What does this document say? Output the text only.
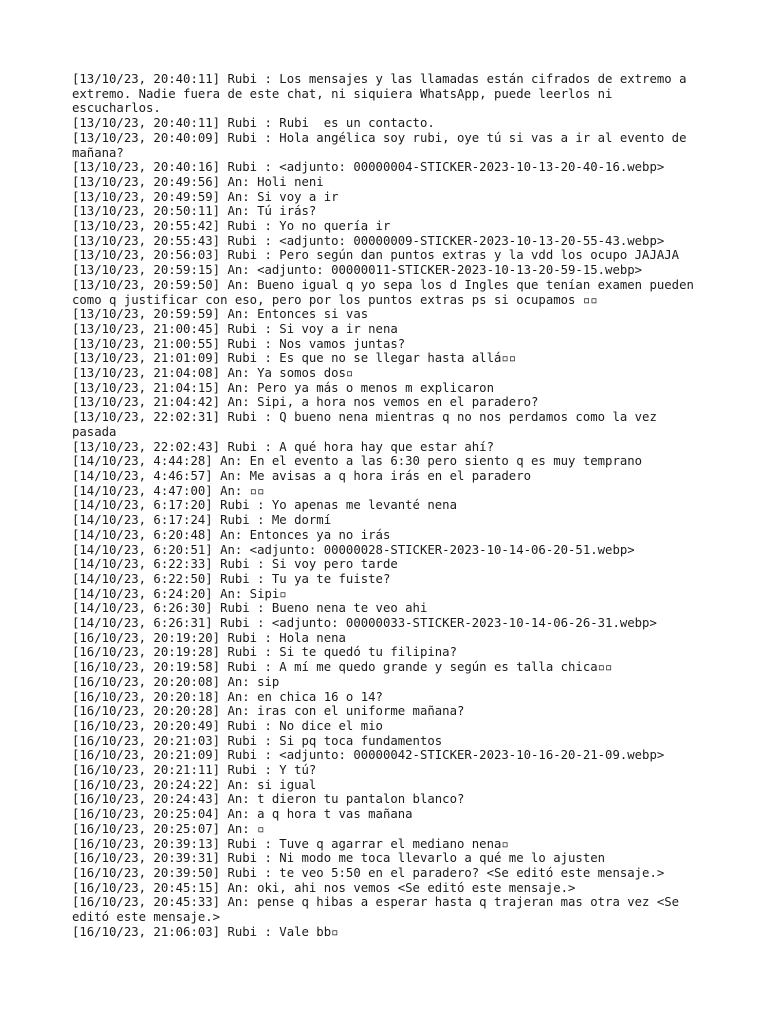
[13/10/23, 20:40:11] Rubi : Los mensajes y las llamadas están cifrados de extremo a extremo. Nadie fuera de este chat, ni siquiera WhatsApp, puede leerlos ni escucharlos.

[13/10/23, 20:40:11] Rubi : Rubi  es un contacto.

[13/10/23, 20:40:09] Rubi : Hola angélica soy rubi, oye tú si vas a ir al evento de mañana?

[13/10/23, 20:40:16] Rubi : <adjunto: 00000004-STICKER-2023-10-13-20-40-16.webp>

[13/10/23, 20:49:56] An: Holi neni

[13/10/23, 20:49:59] An: Si voy a ir

[13/10/23, 20:50:11] An: Tú irás?

[13/10/23, 20:55:42] Rubi : Yo no quería ir

[13/10/23, 20:55:43] Rubi : <adjunto: 00000009-STICKER-2023-10-13-20-55-43.webp>

[13/10/23, 20:56:03] Rubi : Pero según dan puntos extras y la vdd los ocupo JAJAJA

[13/10/23, 20:59:15] An: <adjunto: 00000011-STICKER-2023-10-13-20-59-15.webp>

[13/10/23, 20:59:50] An: Bueno igual q yo sepa los d Ingles que tenían examen pueden como q justificar con eso, pero por los puntos extras ps si ocupamos ▫▫

[13/10/23, 20:59:59] An: Entonces si vas

[13/10/23, 21:00:45] Rubi : Si voy a ir nena

[13/10/23, 21:00:55] Rubi : Nos vamos juntas?

[13/10/23, 21:01:09] Rubi : Es que no se llegar hasta allá▫▫

[13/10/23, 21:04:08] An: Ya somos dos▫

[13/10/23, 21:04:15] An: Pero ya más o menos m explicaron

[13/10/23, 21:04:42] An: Sipi, a hora nos vemos en el paradero?

[13/10/23, 22:02:31] Rubi : Q bueno nena mientras q no nos perdamos como la vez pasada

[13/10/23, 22:02:43] Rubi : A qué hora hay que estar ahí?

[14/10/23, 4:44:28] An: En el evento a las 6:30 pero siento q es muy temprano

[14/10/23, 4:46:57] An: Me avisas a q hora irás en el paradero

[14/10/23, 4:47:00] An: ▫▫

[14/10/23, 6:17:20] Rubi : Yo apenas me levanté nena

[14/10/23, 6:17:24] Rubi : Me dormí

[14/10/23, 6:20:48] An: Entonces ya no irás

[14/10/23, 6:20:51] An: <adjunto: 00000028-STICKER-2023-10-14-06-20-51.webp>

[14/10/23, 6:22:33] Rubi : Si voy pero tarde

[14/10/23, 6:22:50] Rubi : Tu ya te fuiste?

[14/10/23, 6:24:20] An: Sipi▫

[14/10/23, 6:26:30] Rubi : Bueno nena te veo ahi

[14/10/23, 6:26:31] Rubi : <adjunto: 00000033-STICKER-2023-10-14-06-26-31.webp>

[16/10/23, 20:19:20] Rubi : Hola nena

[16/10/23, 20:19:28] Rubi : Si te quedó tu filipina?

[16/10/23, 20:19:58] Rubi : A mí me quedo grande y según es talla chica▫▫

[16/10/23, 20:20:08] An: sip

[16/10/23, 20:20:18] An: en chica 16 o 14?

[16/10/23, 20:20:28] An: iras con el uniforme mañana?

[16/10/23, 20:20:49] Rubi : No dice el mio

[16/10/23, 20:21:03] Rubi : Si pq toca fundamentos

[16/10/23, 20:21:09] Rubi : <adjunto: 00000042-STICKER-2023-10-16-20-21-09.webp>

[16/10/23, 20:21:11] Rubi : Y tú?

[16/10/23, 20:24:22] An: si igual

[16/10/23, 20:24:43] An: t dieron tu pantalon blanco?

[16/10/23, 20:25:04] An: a q hora t vas mañana

[16/10/23, 20:25:07] An: ▫

[16/10/23, 20:39:13] Rubi : Tuve q agarrar el mediano nena▫

[16/10/23, 20:39:31] Rubi : Ni modo me toca llevarlo a qué me lo ajusten

[16/10/23, 20:39:50] Rubi : te veo 5:50 en el paradero? <Se editó este mensaje.>

[16/10/23, 20:45:15] An: oki, ahi nos vemos <Se editó este mensaje.>

[16/10/23, 20:45:33] An: pense q hibas a esperar hasta q trajeran mas otra vez <Se editó este mensaje.>

[16/10/23, 21:06:03] Rubi : Vale bb▫
